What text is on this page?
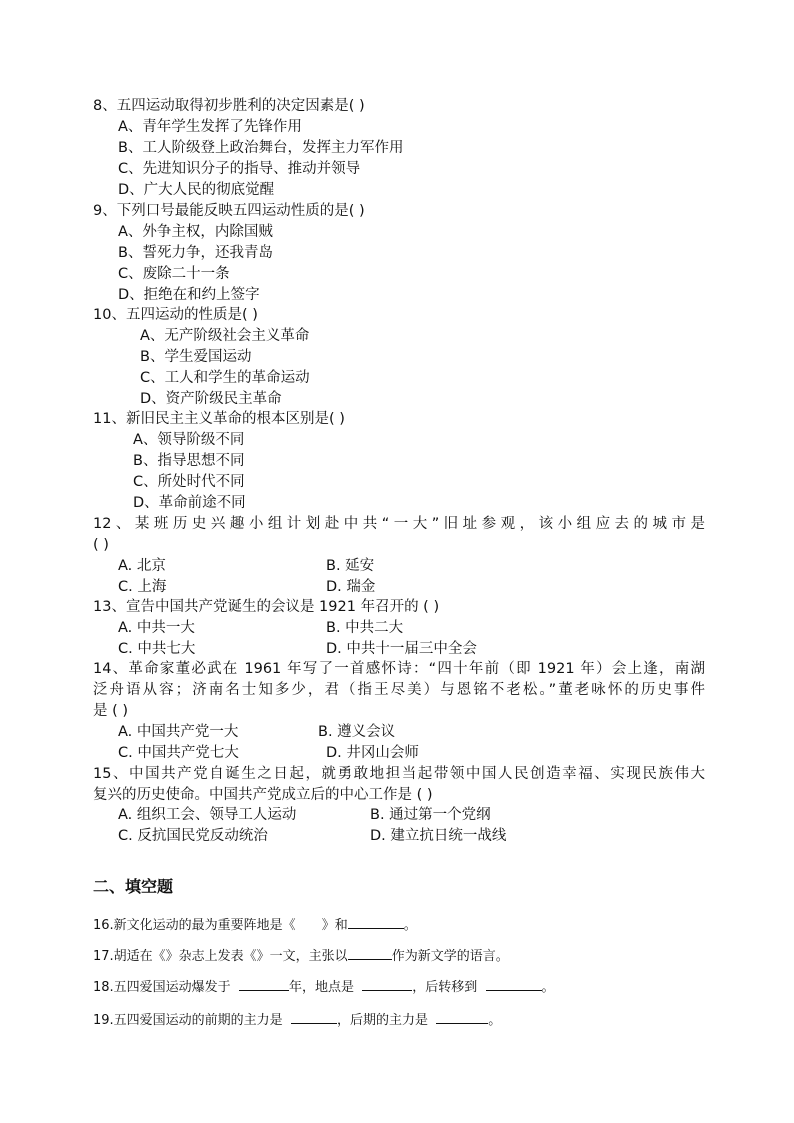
8、五四运动取得初步胜利的决定因素是( )
A、青年学生发挥了先锋作用
B、工人阶级登上政治舞台，发挥主力军作用
C、先进知识分子的指导、推动并领导
D、广大人民的彻底觉醒
9、下列口号最能反映五四运动性质的是( )
A、外争主权，内除国贼
B、誓死力争，还我青岛
C、废除二十一条
D、拒绝在和约上签字
10、五四运动的性质是( )
A、无产阶级社会主义革命
B、学生爱国运动
C、工人和学生的革命运动
D、资产阶级民主革命
11、新旧民主主义革命的根本区别是( )
A、领导阶级不同
B、指导思想不同
C、所处时代不同
D、革命前途不同
12、某班历史兴趣小组计划赴中共“一大”旧址参观，该小组应去的城市是
( )
A. 北京	B. 延安
C. 上海	D. 瑞金
13、宣告中国共产党诞生的会议是 1921 年召开的 ( )
A. 中共一大	B. 中共二大
C. 中共七大	D. 中共十一届三中全会
14、革命家董必武在 1961 年写了一首感怀诗：“四十年前（即 1921 年）会上逢，南湖
泛舟语从容；济南名士知多少，君（指王尽美）与恩铭不老松。”董老咏怀的历史事件
是 ( )
A. 中国共产党一大	B. 遵义会议
C. 中国共产党七大	D. 井冈山会师
15、中国共产党自诞生之日起，就勇敢地担当起带领中国人民创造幸福、实现民族伟大
复兴的历史使命。中国共产党成立后的中心工作是 ( )
A. 组织工会、领导工人运动	B. 通过第一个党纲
C. 反抗国民党反动统治	D. 建立抗日统一战线
二、填空题
16.新文化运动的最为重要阵地是《 》和	。
17.胡适在《》杂志上发表《》一文，主张以	作为新文学的语言。
18.五四爱国运动爆发于	年，地点是	，后转移到	。
19.五四爱国运动的前期的主力是	，后期的主力是	。
